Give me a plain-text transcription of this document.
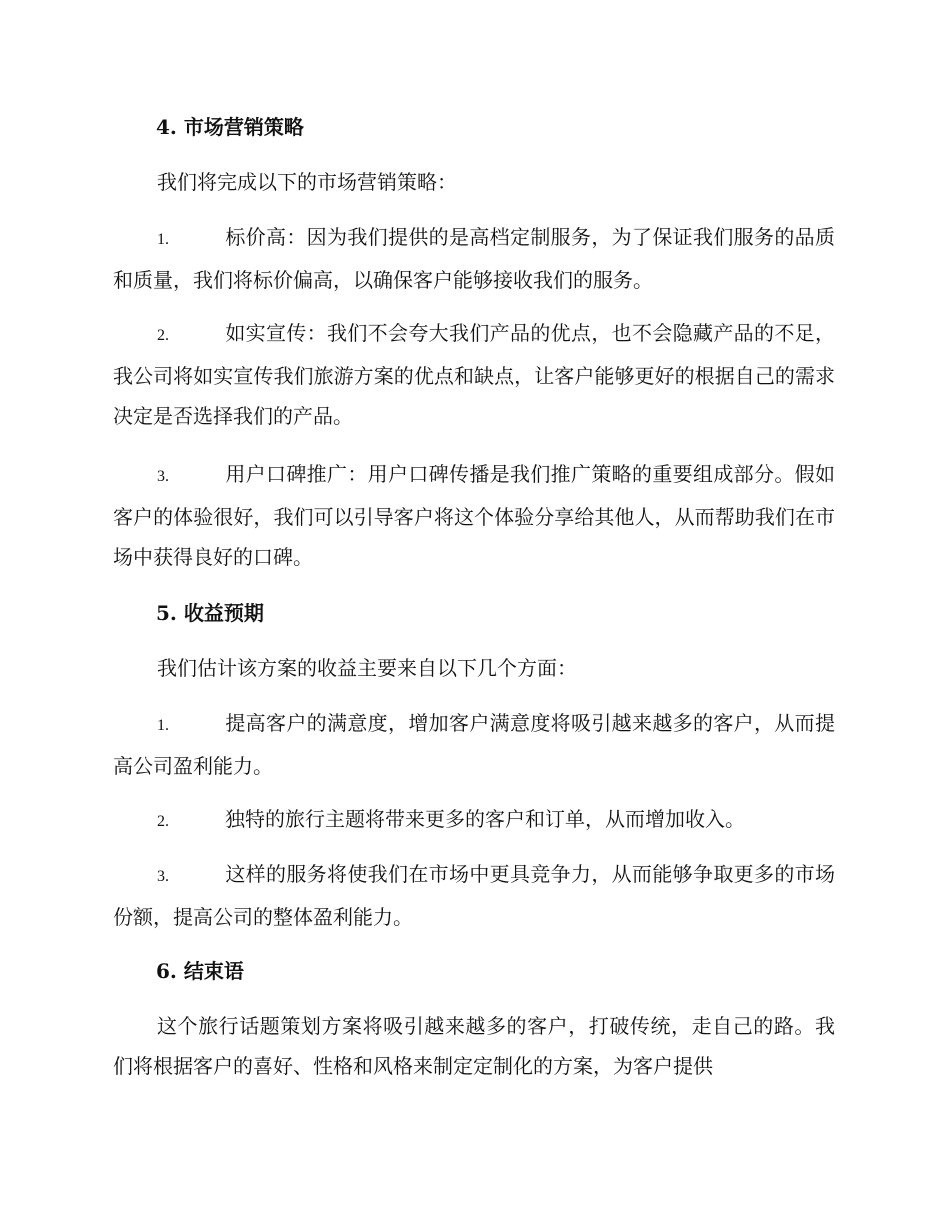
4. 市场营销策略
我们将完成以下的市场营销策略：
1.	标价高：因为我们提供的是高档定制服务，为了保证我们服务的品质和质量，我们将标价偏高，以确保客户能够接收我们的服务。
2.	如实宣传：我们不会夸大我们产品的优点，也不会隐藏产品的不足，我公司将如实宣传我们旅游方案的优点和缺点，让客户能够更好的根据自己的需求决定是否选择我们的产品。
3.	用户口碑推广：用户口碑传播是我们推广策略的重要组成部分。假如客户的体验很好，我们可以引导客户将这个体验分享给其他人，从而帮助我们在市场中获得良好的口碑。
5. 收益预期
我们估计该方案的收益主要来自以下几个方面：
1.	提高客户的满意度，增加客户满意度将吸引越来越多的客户，从而提高公司盈利能力。
2.	独特的旅行主题将带来更多的客户和订单，从而增加收入。
3.	这样的服务将使我们在市场中更具竞争力，从而能够争取更多的市场份额，提高公司的整体盈利能力。
6. 结束语
这个旅行话题策划方案将吸引越来越多的客户，打破传统，走自己的路。我们将根据客户的喜好、性格和风格来制定定制化的方案，为客户提供
